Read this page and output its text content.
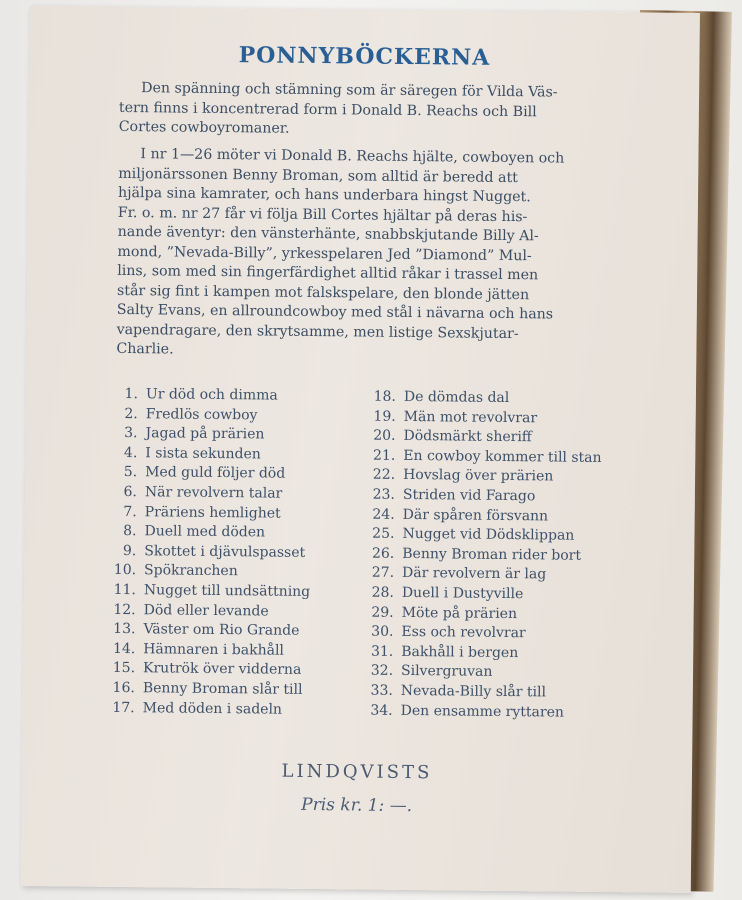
PONNYBÖCKERNA
Den spänning och stämning som är säregen för Vilda Väs-
tern finns i koncentrerad form i Donald B. Reachs och Bill
Cortes cowboyromaner.
I nr 1—26 möter vi Donald B. Reachs hjälte, cowboyen och
miljonärssonen Benny Broman, som alltid är beredd att
hjälpa sina kamrater, och hans underbara hingst Nugget.
Fr. o. m. nr 27 får vi följa Bill Cortes hjältar på deras his-
nande äventyr: den vänsterhänte, snabbskjutande Billy Al-
mond, ”Nevada-Billy”, yrkesspelaren Jed ”Diamond” Mul-
lins, som med sin fingerfärdighet alltid råkar i trassel men
står sig fint i kampen mot falskspelare, den blonde jätten
Salty Evans, en allroundcowboy med stål i nävarna och hans
vapendragare, den skrytsamme, men listige Sexskjutar-
Charlie.
1. Ur död och dimma
2. Fredlös cowboy
3. Jagad på prärien
4. I sista sekunden
5. Med guld följer död
6. När revolvern talar
7. Präriens hemlighet
8. Duell med döden
9. Skottet i djävulspasset
10. Spökranchen
11. Nugget till undsättning
12. Död eller levande
13. Väster om Rio Grande
14. Hämnaren i bakhåll
15. Krutrök över vidderna
16. Benny Broman slår till
17. Med döden i sadeln
18. De dömdas dal
19. Män mot revolvrar
20. Dödsmärkt sheriff
21. En cowboy kommer till stan
22. Hovslag över prärien
23. Striden vid Farago
24. Där spåren försvann
25. Nugget vid Dödsklippan
26. Benny Broman rider bort
27. Där revolvern är lag
28. Duell i Dustyville
29. Möte på prärien
30. Ess och revolvrar
31. Bakhåll i bergen
32. Silvergruvan
33. Nevada-Billy slår till
34. Den ensamme ryttaren
LINDQVISTS
Pris kr. 1: —.
